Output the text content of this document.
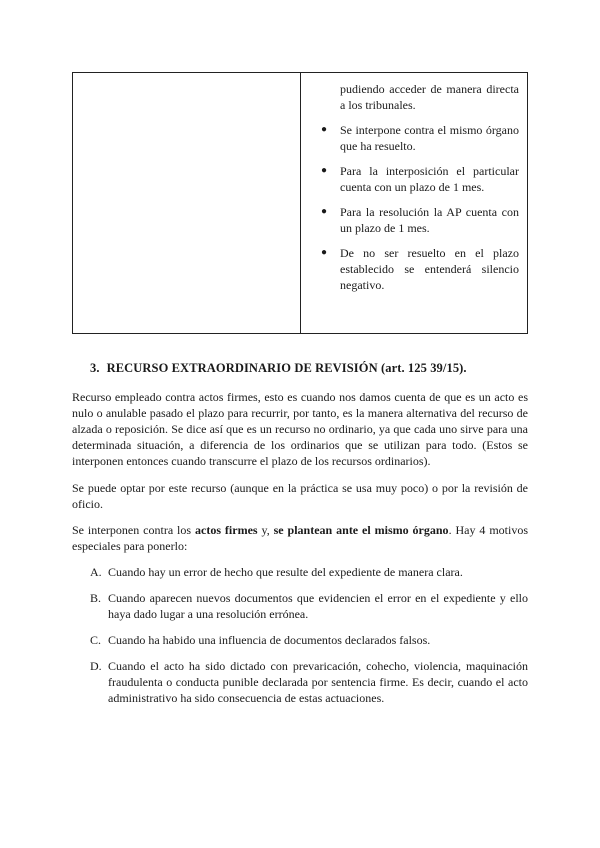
pudiendo acceder de manera directa a los tribunales.
●	Se interpone contra el mismo órgano que ha resuelto.
●	Para la interposición el particular cuenta con un plazo de 1 mes.
●	Para la resolución la AP cuenta con un plazo de 1 mes.
●	De no ser resuelto en el plazo establecido se entenderá silencio negativo.
3. RECURSO EXTRAORDINARIO DE REVISIÓN (art. 125 39/15).
Recurso empleado contra actos firmes, esto es cuando nos damos cuenta de que es un acto es nulo o anulable pasado el plazo para recurrir, por tanto, es la manera alternativa del recurso de alzada o reposición. Se dice así que es un recurso no ordinario, ya que cada uno sirve para una determinada situación, a diferencia de los ordinarios que se utilizan para todo. (Estos se interponen entonces cuando transcurre el plazo de los recursos ordinarios).
Se puede optar por este recurso (aunque en la práctica se usa muy poco) o por la revisión de oficio.
Se interponen contra los actos firmes y, se plantean ante el mismo órgano. Hay 4 motivos especiales para ponerlo:
A. Cuando hay un error de hecho que resulte del expediente de manera clara.
B. Cuando aparecen nuevos documentos que evidencien el error en el expediente y ello haya dado lugar a una resolución errónea.
C. Cuando ha habido una influencia de documentos declarados falsos.
D. Cuando el acto ha sido dictado con prevaricación, cohecho, violencia, maquinación fraudulenta o conducta punible declarada por sentencia firme. Es decir, cuando el acto administrativo ha sido consecuencia de estas actuaciones.
